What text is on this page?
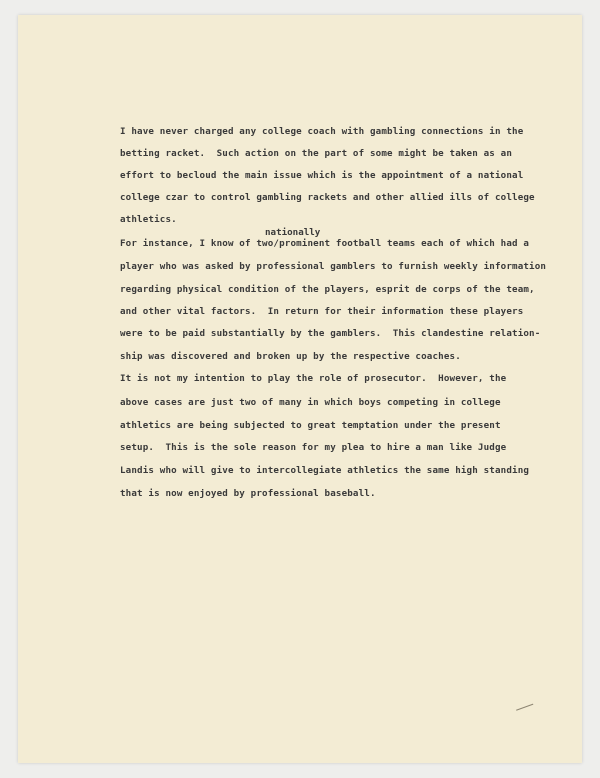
I have never charged any college coach with gambling connections in the
betting racket.  Such action on the part of some might be taken as an
effort to becloud the main issue which is the appointment of a national
college czar to control gambling rackets and other allied ills of college
athletics.
nationally
For instance, I know of two/prominent football teams each of which had a
player who was asked by professional gamblers to furnish weekly information
regarding physical condition of the players, esprit de corps of the team,
and other vital factors.  In return for their information these players
were to be paid substantially by the gamblers.  This clandestine relation-
ship was discovered and broken up by the respective coaches.
It is not my intention to play the role of prosecutor.  However, the
above cases are just two of many in which boys competing in college
athletics are being subjected to great temptation under the present
setup.  This is the sole reason for my plea to hire a man like Judge
Landis who will give to intercollegiate athletics the same high standing
that is now enjoyed by professional baseball.
